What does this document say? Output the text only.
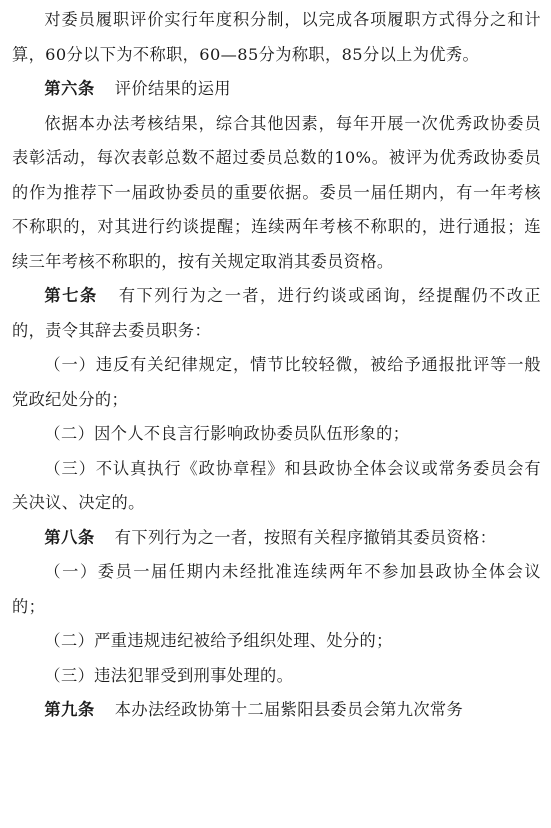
对委员履职评价实行年度积分制，以完成各项履职方式得分之和计算，60分以下为不称职，60—85分为称职，85分以上为优秀。

第六条 评价结果的运用

依据本办法考核结果，综合其他因素，每年开展一次优秀政协委员表彰活动，每次表彰总数不超过委员总数的10%。被评为优秀政协委员的作为推荐下一届政协委员的重要依据。委员一届任期内，有一年考核不称职的，对其进行约谈提醒；连续两年考核不称职的，进行通报；连续三年考核不称职的，按有关规定取消其委员资格。

第七条 有下列行为之一者，进行约谈或函询，经提醒仍不改正的，责令其辞去委员职务：

（一）违反有关纪律规定，情节比较轻微，被给予通报批评等一般党政纪处分的；

（二）因个人不良言行影响政协委员队伍形象的；

（三）不认真执行《政协章程》和县政协全体会议或常务委员会有关决议、决定的。

第八条 有下列行为之一者，按照有关程序撤销其委员资格：

（一）委员一届任期内未经批准连续两年不参加县政协全体会议的；

（二）严重违规违纪被给予组织处理、处分的；

（三）违法犯罪受到刑事处理的。

第九条 本办法经政协第十二届紫阳县委员会第九次常务
